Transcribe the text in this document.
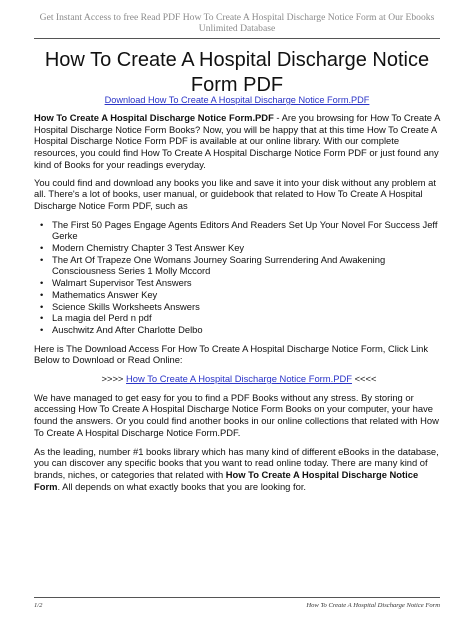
Get Instant Access to free Read PDF How To Create A Hospital Discharge Notice Form at Our Ebooks Unlimited Database
How To Create A Hospital Discharge Notice Form PDF
Download How To Create A Hospital Discharge Notice Form.PDF

How To Create A Hospital Discharge Notice Form.PDF - Are you browsing for How To Create A Hospital Discharge Notice Form Books? Now, you will be happy that at this time How To Create A Hospital Discharge Notice Form PDF is available at our online library. With our complete resources, you could find How To Create A Hospital Discharge Notice Form PDF or just found any kind of Books for your readings everyday.

You could find and download any books you like and save it into your disk without any problem at all. There's a lot of books, user manual, or guidebook that related to How To Create A Hospital Discharge Notice Form PDF, such as

• The First 50 Pages Engage Agents Editors And Readers Set Up Your Novel For Success Jeff Gerke
• Modern Chemistry Chapter 3 Test Answer Key
• The Art Of Trapeze One Womans Journey Soaring Surrendering And Awakening Consciousness Series 1 Molly Mccord
• Walmart Supervisor Test Answers
• Mathematics Answer Key
• Science Skills Worksheets Answers
• La magia del Perd n pdf
• Auschwitz And After Charlotte Delbo

Here is The Download Access For How To Create A Hospital Discharge Notice Form, Click Link Below to Download or Read Online:

>>>> How To Create A Hospital Discharge Notice Form.PDF <<<<

We have managed to get easy for you to find a PDF Books without any stress. By storing or accessing How To Create A Hospital Discharge Notice Form Books on your computer, your have found the answers. Or you could find another books in our online collections that related with How To Create A Hospital Discharge Notice Form.PDF.

As the leading, number #1 books library which has many kind of different eBooks in the database, you can discover any specific books that you want to read online today. There are many kind of brands, niches, or categories that related with How To Create A Hospital Discharge Notice Form. All depends on what exactly books that you are looking for.

1/2	How To Create A Hospital Discharge Notice Form
